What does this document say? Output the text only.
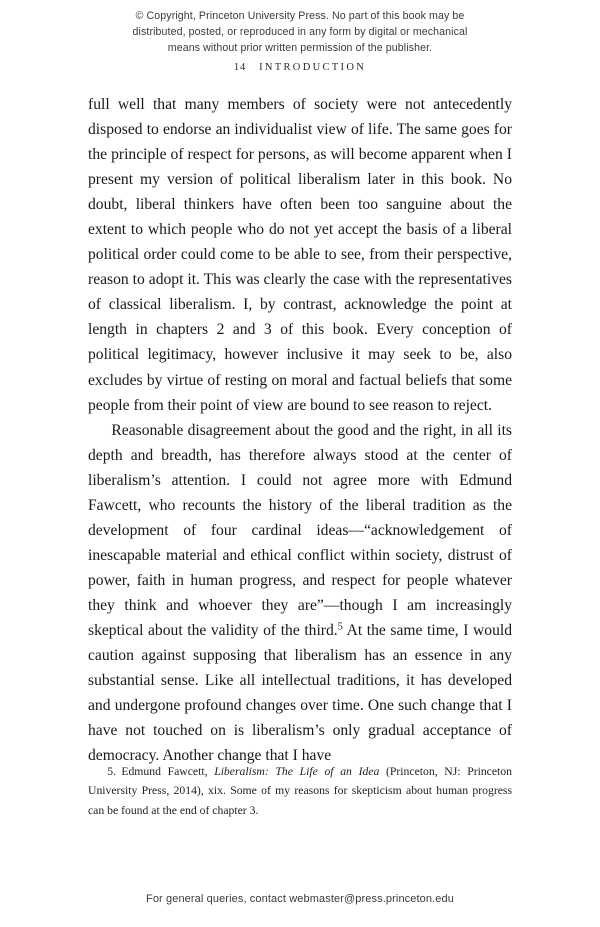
© Copyright, Princeton University Press. No part of this book may be
distributed, posted, or reproduced in any form by digital or mechanical
means without prior written permission of the publisher.
14 INTRODUCTION

full well that many members of society were not antecedently disposed to endorse an individualist view of life. The same goes for the principle of respect for persons, as will become apparent when I present my version of political liberalism later in this book. No doubt, liberal thinkers have often been too sanguine about the extent to which people who do not yet accept the basis of a liberal political order could come to be able to see, from their perspective, reason to adopt it. This was clearly the case with the representatives of classical liberalism. I, by contrast, acknowledge the point at length in chapters 2 and 3 of this book. Every conception of political legitimacy, however inclusive it may seek to be, also excludes by virtue of resting on moral and factual beliefs that some people from their point of view are bound to see reason to reject.

Reasonable disagreement about the good and the right, in all its depth and breadth, has therefore always stood at the center of liberalism’s attention. I could not agree more with Edmund Fawcett, who recounts the history of the liberal tradition as the development of four cardinal ideas—“acknowledgement of inescapable material and ethical conflict within society, distrust of power, faith in human progress, and respect for people whatever they think and whoever they are”—though I am increasingly skeptical about the validity of the third.$^5$ At the same time, I would caution against supposing that liberalism has an essence in any substantial sense. Like all intellectual traditions, it has developed and undergone profound changes over time. One such change that I have not touched on is liberalism’s only gradual acceptance of democracy. Another change that I have

5. Edmund Fawcett, Liberalism: The Life of an Idea (Princeton, NJ: Princeton University Press, 2014), xix. Some of my reasons for skepticism about human progress can be found at the end of chapter 3.

For general queries, contact webmaster@press.princeton.edu
